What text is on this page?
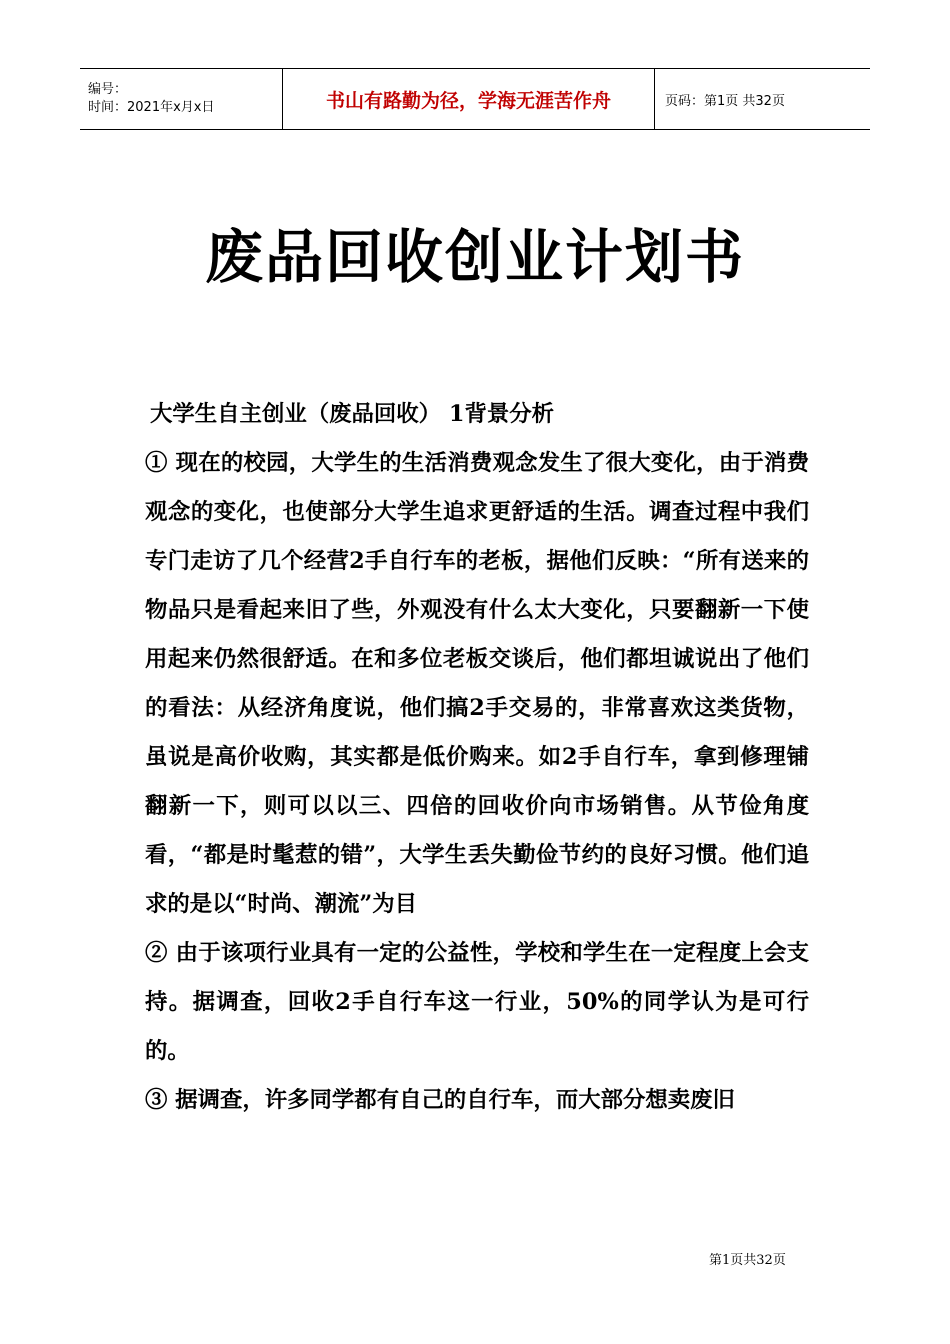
编号：
时间：2021年x月x日	书山有路勤为径，学海无涯苦作舟	页码：第1页 共32页
废品回收创业计划书

大学生自主创业（废品回收） 1背景分析

① 现在的校园，大学生的生活消费观念发生了很大变化，由于消费观念的变化，也使部分大学生追求更舒适的生活。调查过程中我们专门走访了几个经营2手自行车的老板，据他们反映：“所有送来的物品只是看起来旧了些，外观没有什么太大变化，只要翻新一下使用起来仍然很舒适。在和多位老板交谈后，他们都坦诚说出了他们的看法：从经济角度说，他们搞2手交易的，非常喜欢这类货物，虽说是高价收购，其实都是低价购来。如2手自行车，拿到修理铺翻新一下，则可以以三、四倍的回收价向市场销售。从节俭角度看，“都是时髦惹的错”，大学生丢失勤俭节约的良好习惯。他们追求的是以“时尚、潮流”为目

② 由于该项行业具有一定的公益性，学校和学生在一定程度上会支持。据调查，回收2手自行车这一行业，50%的同学认为是可行的。

③ 据调查，许多同学都有自己的自行车，而大部分想卖废旧

第1页共32页
